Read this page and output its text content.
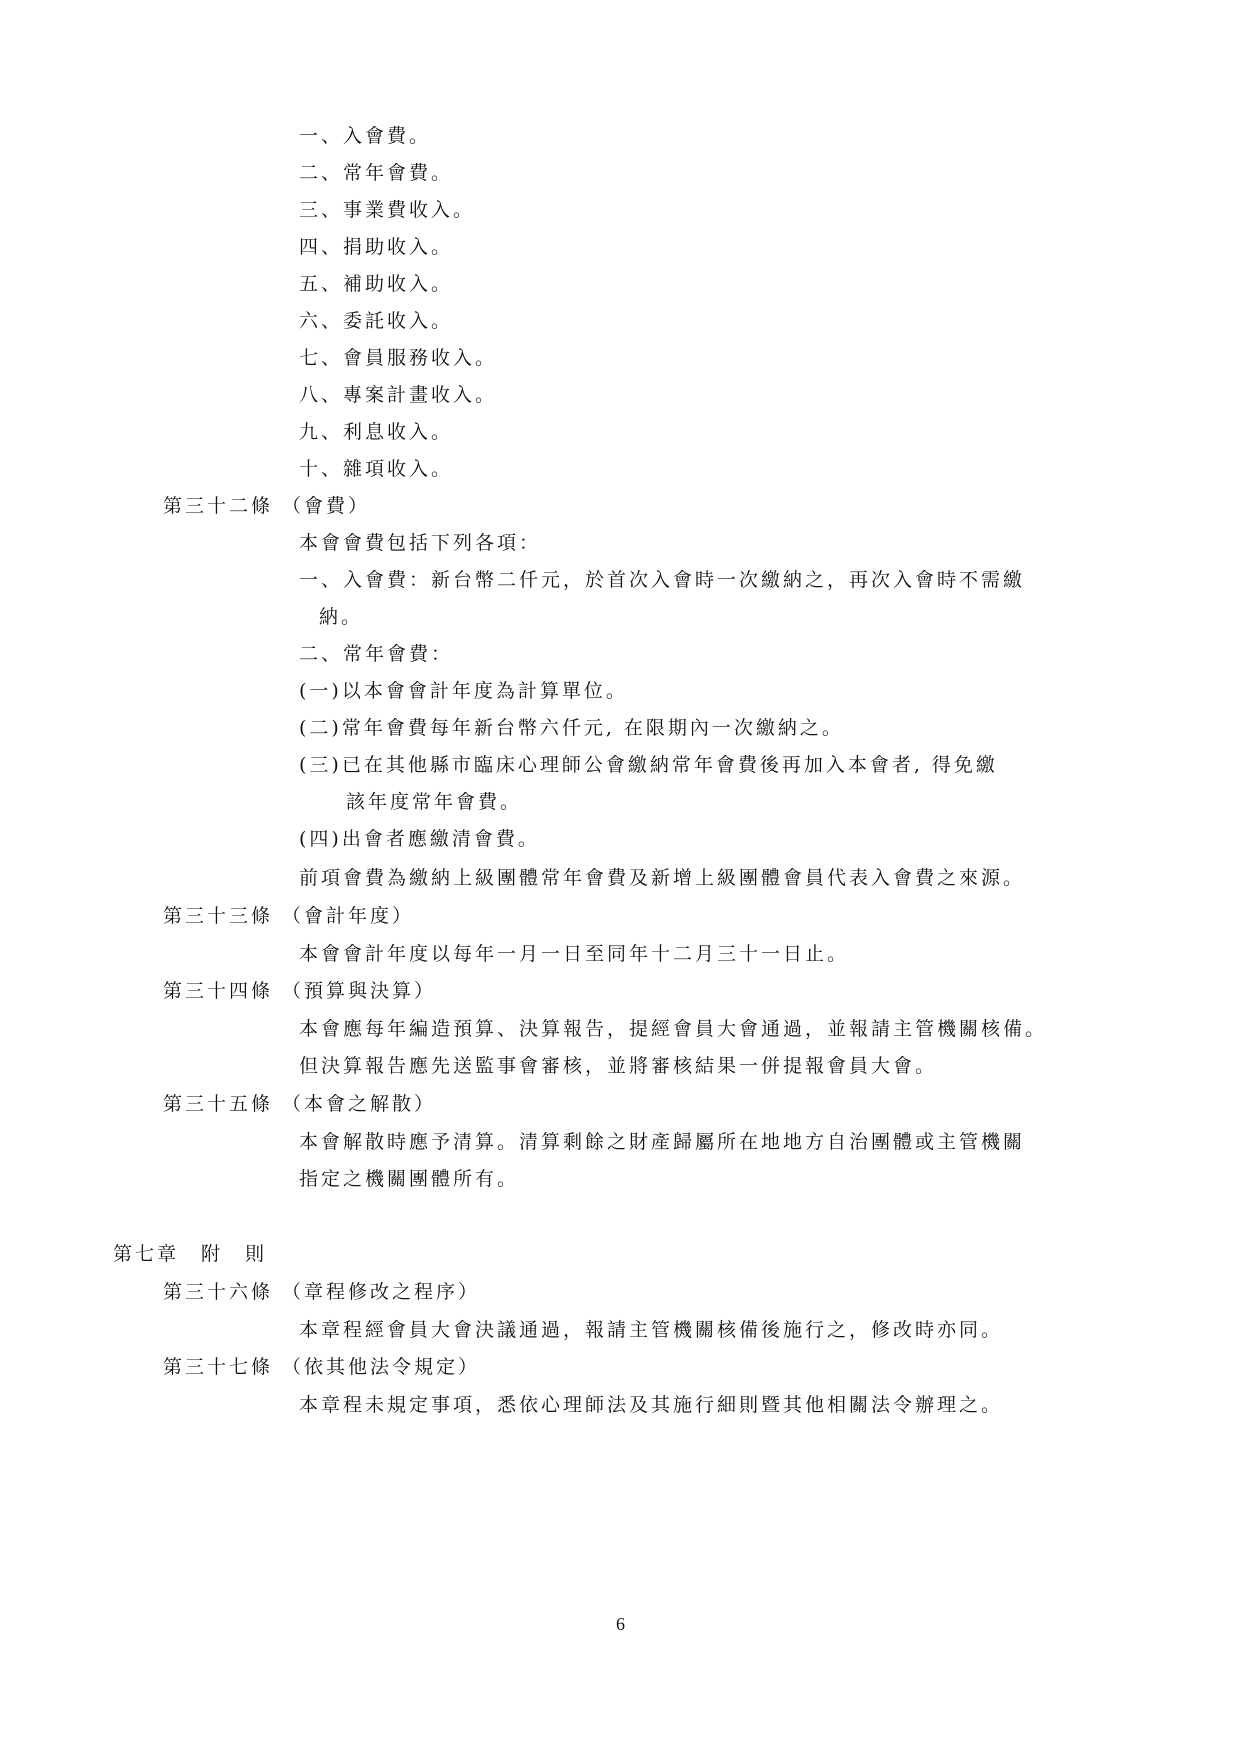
一、入會費。
二、常年會費。
三、事業費收入。
四、捐助收入。
五、補助收入。
六、委託收入。
七、會員服務收入。
八、專案計畫收入。
九、利息收入。
十、雜項收入。
第三十二條 （會費）
本會會費包括下列各項：
一、入會費：新台幣二仟元，於首次入會時一次繳納之，再次入會時不需繳
納。
二、常年會費：
(一)以本會會計年度為計算單位。
(二)常年會費每年新台幣六仟元, 在限期內一次繳納之。
(三)已在其他縣市臨床心理師公會繳納常年會費後再加入本會者, 得免繳
該年度常年會費。
(四)出會者應繳清會費。
前項會費為繳納上級團體常年會費及新增上級團體會員代表入會費之來源。
第三十三條 （會計年度）
本會會計年度以每年一月一日至同年十二月三十一日止。
第三十四條 （預算與決算）
本會應每年編造預算、決算報告，提經會員大會通過，並報請主管機關核備。
但決算報告應先送監事會審核，並將審核結果一併提報會員大會。
第三十五條 （本會之解散）
本會解散時應予清算。清算剩餘之財產歸屬所在地地方自治團體或主管機關
指定之機關團體所有。
第七章　附　則
第三十六條 （章程修改之程序）
本章程經會員大會決議通過，報請主管機關核備後施行之，修改時亦同。
第三十七條 （依其他法令規定）
本章程未規定事項，悉依心理師法及其施行細則暨其他相關法令辦理之。
6
